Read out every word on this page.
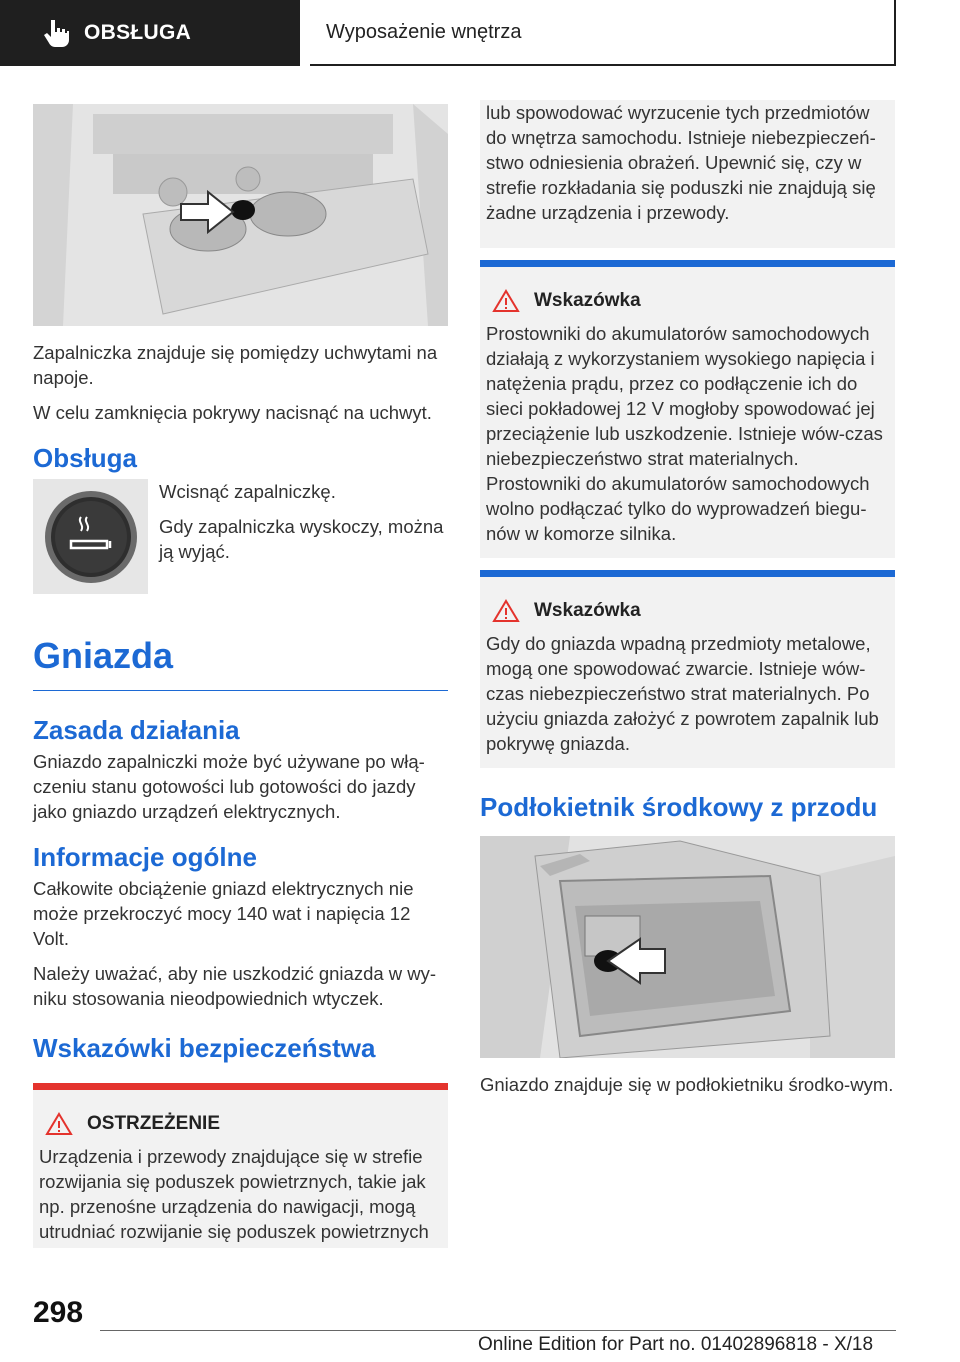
OBSŁUGA	Wyposażenie wnętrza

Zapalniczka znajduje się pomiędzy uchwytami na napoje.

W celu zamknięcia pokrywy nacisnąć na uchwyt.

Obsługa

Wcisnąć zapalniczkę.

Gdy zapalniczka wyskoczy, można ją wyjąć.

Gniazda
Zasada działania

Gniazdo zapalniczki może być używane po włą-czeniu stanu gotowości lub gotowości do jazdy jako gniazdo urządzeń elektrycznych.

Informacje ogólne

Całkowite obciążenie gniazd elektrycznych nie może przekroczyć mocy 140 wat i napięcia 12 Volt.

Należy uważać, aby nie uszkodzić gniazda w wy-niku stosowania nieodpowiednich wtyczek.

Wskazówki bezpieczeństwa
OSTRZEŻENIE

Urządzenia i przewody znajdujące się w strefie rozwijania się poduszek powietrznych, takie jak np. przenośne urządzenia do nawigacji, mogą utrudniać rozwijanie się poduszek powietrznych

lub spowodować wyrzucenie tych przedmiotów do wnętrza samochodu. Istnieje niebezpieczeń-stwo odniesienia obrażeń. Upewnić się, czy w strefie rozkładania się poduszki nie znajdują się żadne urządzenia i przewody.

Wskazówka

Prostowniki do akumulatorów samochodowych działają z wykorzystaniem wysokiego napięcia i natężenia prądu, przez co podłączenie ich do sieci pokładowej 12 V mogłoby spowodować jej przeciążenie lub uszkodzenie. Istnieje wów-czas niebezpieczeństwo strat materialnych. Prostowniki do akumulatorów samochodowych wolno podłączać tylko do wyprowadzeń biegu-nów w komorze silnika.

Wskazówka

Gdy do gniazda wpadną przedmioty metalowe, mogą one spowodować zwarcie. Istnieje wów-czas niebezpieczeństwo strat materialnych. Po użyciu gniazda założyć z powrotem zapalnik lub pokrywę gniazda.

Podłokietnik środkowy z przodu

Gniazdo znajduje się w podłokietniku środko-wym.

298
Online Edition for Part no. 01402896818 - X/18
